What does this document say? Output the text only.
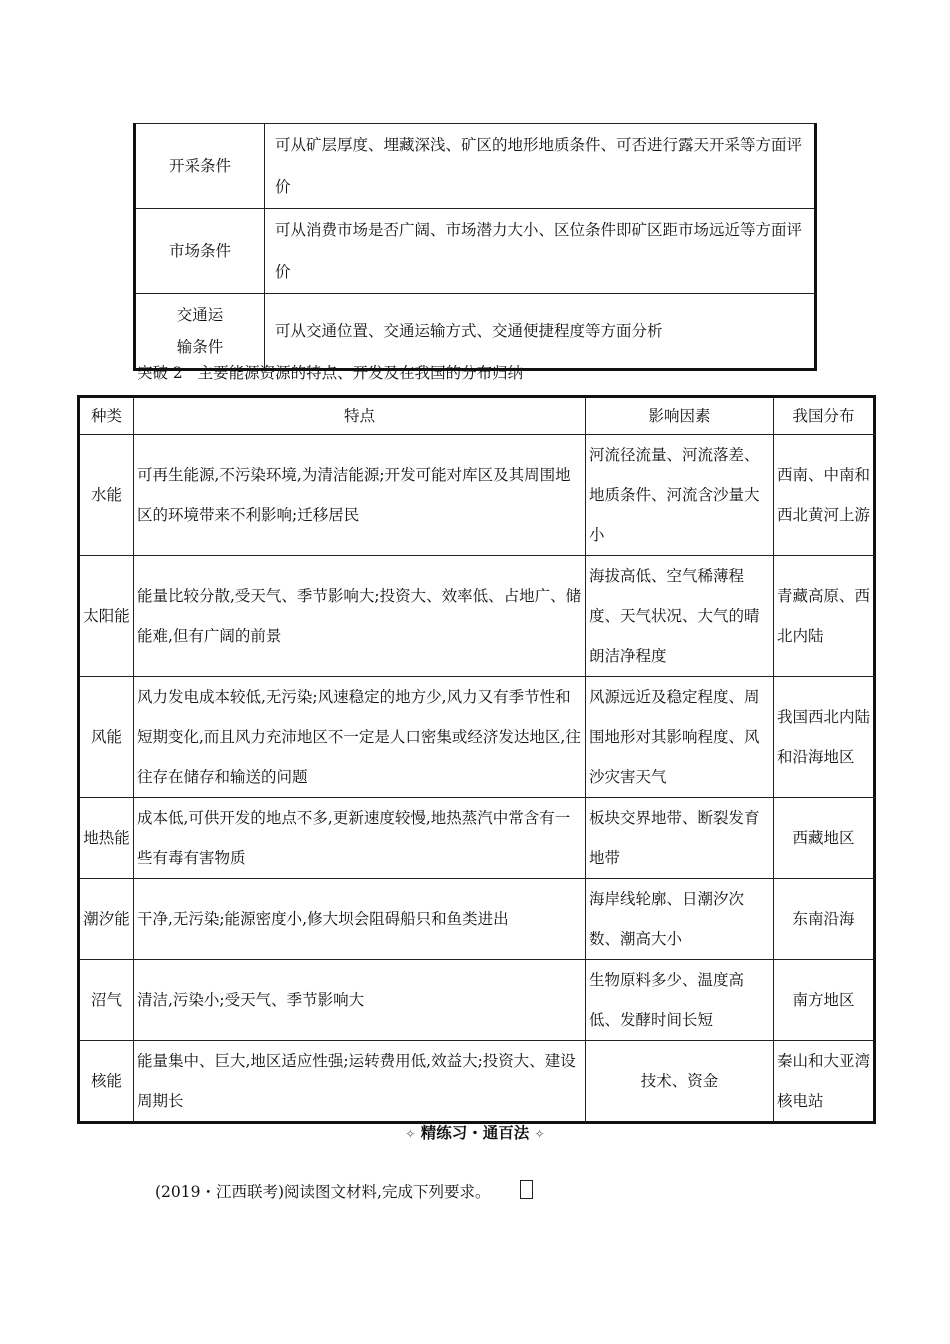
开采条件	可从矿层厚度、埋藏深浅、矿区的地形地质条件、可否进行露天开采等方面评价
市场条件	可从消费市场是否广阔、市场潜力大小、区位条件即矿区距市场远近等方面评价

交通运
输条件	可从交通位置、交通运输方式、交通便捷程度等方面分析
突破 2   主要能源资源的特点、开发及在我国的分布归纳
种类	特点	影响因素	我国分布
水能	可再生能源,不污染环境,为清洁能源;开发可能对库区及其周围地区的环境带来不利影响;迁移居民	河流径流量、河流落差、地质条件、河流含沙量大小	西南、中南和西北黄河上游
太阳能	能量比较分散,受天气、季节影响大;投资大、效率低、占地广、储能难,但有广阔的前景	海拔高低、空气稀薄程度、天气状况、大气的晴朗洁净程度	青藏高原、西北内陆
风能	风力发电成本较低,无污染;风速稳定的地方少,风力又有季节性和短期变化,而且风力充沛地区不一定是人口密集或经济发达地区,往往存在储存和输送的问题	风源远近及稳定程度、周围地形对其影响程度、风沙灾害天气	我国西北内陆和沿海地区
地热能	成本低,可供开发的地点不多,更新速度较慢,地热蒸汽中常含有一些有毒有害物质	板块交界地带、断裂发育地带	西藏地区
潮汐能	干净,无污染;能源密度小,修大坝会阻碍船只和鱼类进出	海岸线轮廓、日潮汐次数、潮高大小	东南沿海
沼气	清洁,污染小;受天气、季节影响大	生物原料多少、温度高低、发酵时间长短	南方地区
核能	能量集中、巨大,地区适应性强;运转费用低,效益大;投资大、建设周期长	技术、资金	秦山和大亚湾核电站
✧ 精练习・通百法 ✧
(2019・江西联考)阅读图文材料,完成下列要求。
